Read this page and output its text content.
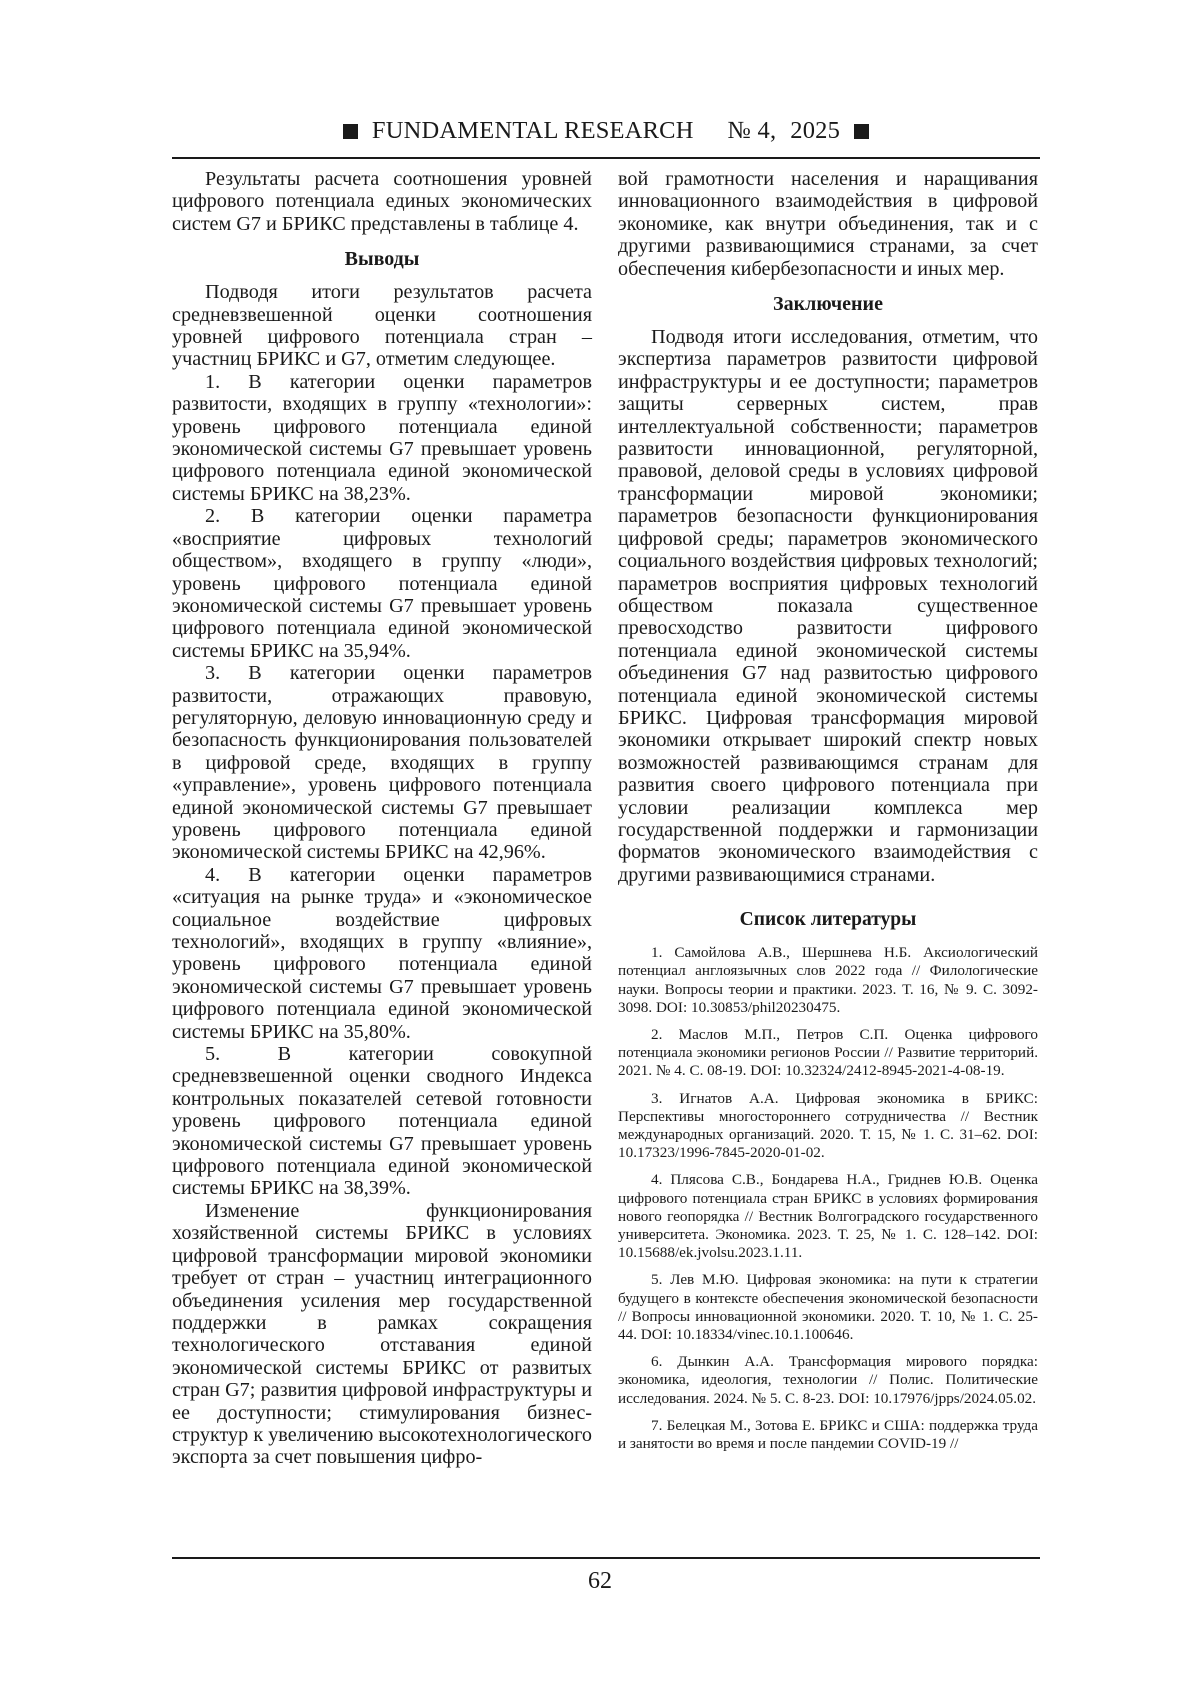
FUNDAMENTAL RESEARCH № 4, 2025

Результаты расчета соотношения уровней цифрового потенциала единых экономических систем G7 и БРИКС представлены в таблице 4.

Выводы

Подводя итоги результатов расчета средневзвешенной оценки соотношения уровней цифрового потенциала стран – участниц БРИКС и G7, отметим следующее.

1. В категории оценки параметров развитости, входящих в группу «технологии»: уровень цифрового потенциала единой экономической системы G7 превышает уровень цифрового потенциала единой экономической системы БРИКС на 38,23%.

2. В категории оценки параметра «восприятие цифровых технологий обществом», входящего в группу «люди», уровень цифрового потенциала единой экономической системы G7 превышает уровень цифрового потенциала единой экономической системы БРИКС на 35,94%.

3. В категории оценки параметров развитости, отражающих правовую, регуляторную, деловую инновационную среду и безопасность функционирования пользователей в цифровой среде, входящих в группу «управление», уровень цифрового потенциала единой экономической системы G7 превышает уровень цифрового потенциала единой экономической системы БРИКС на 42,96%.

4. В категории оценки параметров «ситуация на рынке труда» и «экономическое социальное воздействие цифровых технологий», входящих в группу «влияние», уровень цифрового потенциала единой экономической системы G7 превышает уровень цифрового потенциала единой экономической системы БРИКС на 35,80%.

5. В категории совокупной средневзвешенной оценки сводного Индекса контрольных показателей сетевой готовности уровень цифрового потенциала единой экономической системы G7 превышает уровень цифрового потенциала единой экономической системы БРИКС на 38,39%.

Изменение функционирования хозяйственной системы БРИКС в условиях цифровой трансформации мировой экономики требует от стран – участниц интеграционного объединения усиления мер государственной поддержки в рамках сокращения технологического отставания единой экономической системы БРИКС от развитых стран G7; развития цифровой инфраструктуры и ее доступности; стимулирования бизнес-структур к увеличению высокотехнологического экспорта за счет повышения цифро-

вой грамотности населения и наращивания инновационного взаимодействия в цифровой экономике, как внутри объединения, так и с другими развивающимися странами, за счет обеспечения кибербезопасности и иных мер.

Заключение

Подводя итоги исследования, отметим, что экспертиза параметров развитости цифровой инфраструктуры и ее доступности; параметров защиты серверных систем, прав интеллектуальной собственности; параметров развитости инновационной, регуляторной, правовой, деловой среды в условиях цифровой трансформации мировой экономики; параметров безопасности функционирования цифровой среды; параметров экономического социального воздействия цифровых технологий; параметров восприятия цифровых технологий обществом показала существенное превосходство развитости цифрового потенциала единой экономической системы объединения G7 над развитостью цифрового потенциала единой экономической системы БРИКС. Цифровая трансформация мировой экономики открывает широкий спектр новых возможностей развивающимся странам для развития своего цифрового потенциала при условии реализации комплекса мер государственной поддержки и гармонизации форматов экономического взаимодействия с другими развивающимися странами.

Список литературы

1. Самойлова А.В., Шершнева Н.Б. Аксиологический потенциал англоязычных слов 2022 года // Филологические науки. Вопросы теории и практики. 2023. Т. 16, № 9. С. 3092-3098. DOI: 10.30853/phil20230475.

2. Маслов М.П., Петров С.П. Оценка цифрового потенциала экономики регионов России // Развитие территорий. 2021. № 4. С. 08-19. DOI: 10.32324/2412-8945-2021-4-08-19.

3. Игнатов А.А. Цифровая экономика в БРИКС: Перспективы многостороннего сотрудничества // Вестник международных организаций. 2020. Т. 15, № 1. С. 31–62. DOI: 10.17323/1996-7845-2020-01-02.

4. Плясова С.В., Бондарева Н.А., Гриднев Ю.В. Оценка цифрового потенциала стран БРИКС в условиях формирования нового геопорядка // Вестник Волгоградского государственного университета. Экономика. 2023. Т. 25, № 1. С. 128–142. DOI: 10.15688/ek.jvolsu.2023.1.11.

5. Лев М.Ю. Цифровая экономика: на пути к стратегии будущего в контексте обеспечения экономической безопасности // Вопросы инновационной экономики. 2020. Т. 10, № 1. С. 25-44. DOI: 10.18334/vinec.10.1.100646.

6. Дынкин А.А. Трансформация мирового порядка: экономика, идеология, технологии // Полис. Политические исследования. 2024. № 5. С. 8-23. DOI: 10.17976/jpps/2024.05.02.

7. Белецкая М., Зотова Е. БРИКС и США: поддержка труда и занятости во время и после пандемии COVID-19 //

62
